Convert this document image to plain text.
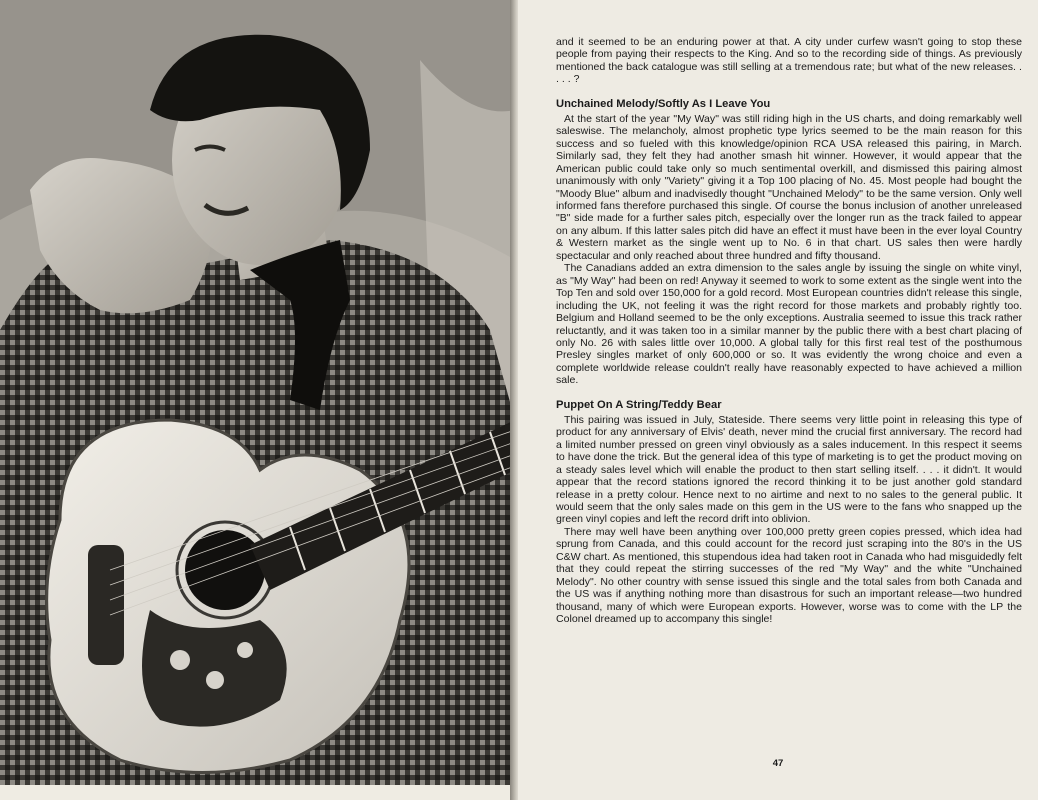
and it seemed to be an enduring power at that. A city under curfew wasn't going to stop these people from paying their respects to the King. And so to the recording side of things. As previously mentioned the back catalogue was still selling at a tremendous rate; but what of the new releases. . . . . ?

Unchained Melody/Softly As I Leave You

At the start of the year "My Way" was still riding high in the US charts, and doing remarkably well saleswise. The melancholy, almost prophetic type lyrics seemed to be the main reason for this success and so fueled with this knowledge/opinion RCA USA released this pairing, in March. Similarly sad, they felt they had another smash hit winner. However, it would appear that the American public could take only so much sentimental overkill, and dismissed this pairing almost unanimously with only "Variety" giving it a Top 100 placing of No. 45. Most people had bought the "Moody Blue" album and inadvisedly thought "Unchained Melody" to be the same version. Only well informed fans therefore purchased this single. Of course the bonus inclusion of another unreleased "B" side made for a further sales pitch, especially over the longer run as the track failed to appear on any album. If this latter sales pitch did have an effect it must have been in the ever loyal Country & Western market as the single went up to No. 6 in that chart. US sales then were hardly spectacular and only reached about three hundred and fifty thousand.

The Canadians added an extra dimension to the sales angle by issuing the single on white vinyl, as "My Way" had been on red! Anyway it seemed to work to some extent as the single went into the Top Ten and sold over 150,000 for a gold record. Most European countries didn't release this single, including the UK, not feeling it was the right record for those markets and probably rightly too. Belgium and Holland seemed to be the only exceptions. Australia seemed to issue this track rather reluctantly, and it was taken too in a similar manner by the public there with a best chart placing of only No. 26 with sales little over 10,000. A global tally for this first real test of the posthumous Presley singles market of only 600,000 or so. It was evidently the wrong choice and even a complete worldwide release couldn't really have reasonably expected to have achieved a million sale.

Puppet On A String/Teddy Bear

This pairing was issued in July, Stateside. There seems very little point in releasing this type of product for any anniversary of Elvis' death, never mind the crucial first anniversary. The record had a limited number pressed on green vinyl obviously as a sales inducement. In this respect it seems to have done the trick. But the general idea of this type of marketing is to get the product moving on a steady sales level which will enable the product to then start selling itself. . . . it didn't. It would appear that the record stations ignored the record thinking it to be just another gold standard release in a pretty colour. Hence next to no airtime and next to no sales to the general public. It would seem that the only sales made on this gem in the US were to the fans who snapped up the green vinyl copies and left the record drift into oblivion.

There may well have been anything over 100,000 pretty green copies pressed, which idea had sprung from Canada, and this could account for the record just scraping into the 80's in the US C&W chart. As mentioned, this stupendous idea had taken root in Canada who had misguidedly felt that they could repeat the stirring successes of the red "My Way" and the white "Unchained Melody". No other country with sense issued this single and the total sales from both Canada and the US was if anything nothing more than disastrous for such an important release—two hundred thousand, many of which were European exports. However, worse was to come with the LP the Colonel dreamed up to accompany this single!

47
